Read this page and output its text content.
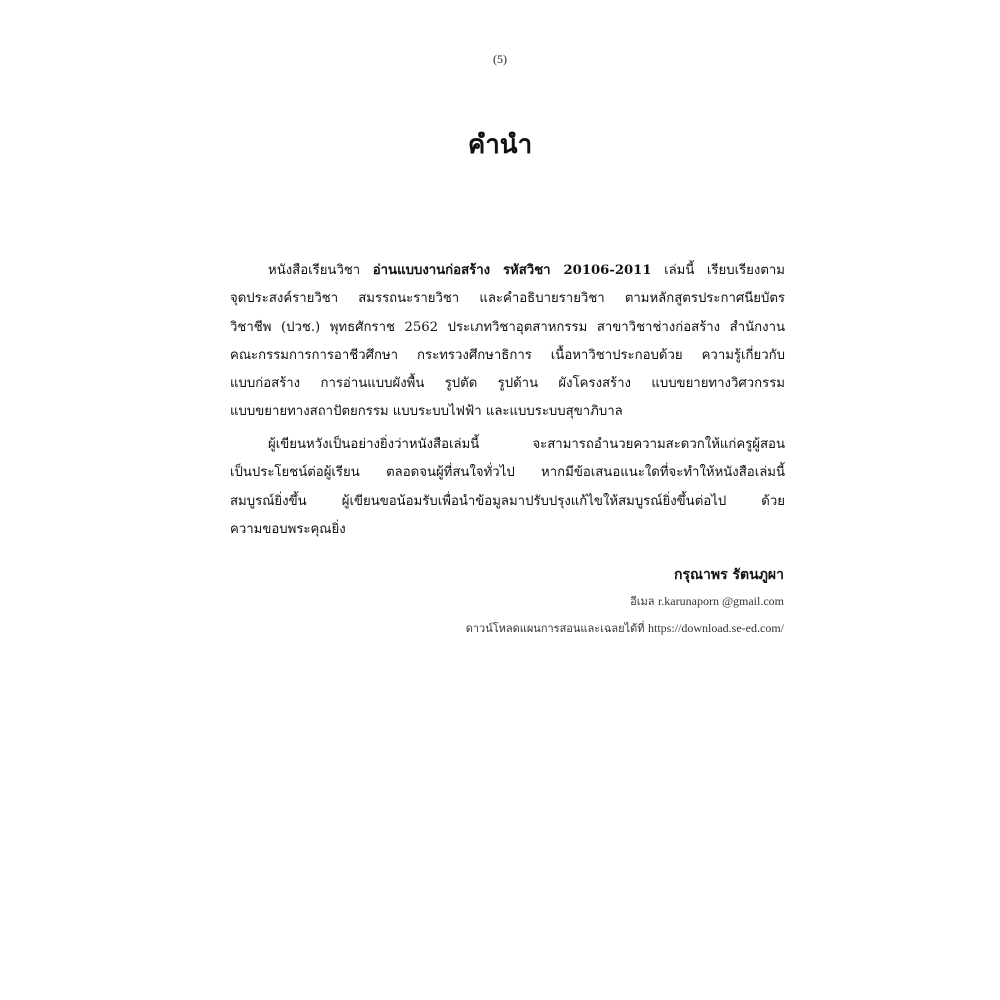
(5)
คำนำ
หนังสือเรียนวิชา อ่านแบบงานก่อสร้าง รหัสวิชา 20106-2011 เล่มนี้ เรียบเรียงตาม
จุดประสงค์รายวิชา สมรรถนะรายวิชา และคำอธิบายรายวิชา ตามหลักสูตรประกาศนียบัตร
วิชาชีพ (ปวช.) พุทธศักราช 2562 ประเภทวิชาอุตสาหกรรม สาขาวิชาช่างก่อสร้าง สำนักงาน
คณะกรรมการการอาชีวศึกษา กระทรวงศึกษาธิการ เนื้อหาวิชาประกอบด้วย ความรู้เกี่ยวกับ
แบบก่อสร้าง การอ่านแบบผังพื้น รูปตัด รูปด้าน ผังโครงสร้าง แบบขยายทางวิศวกรรม
แบบขยายทางสถาปัตยกรรม แบบระบบไฟฟ้า และแบบระบบสุขาภิบาล
ผู้เขียนหวังเป็นอย่างยิ่งว่าหนังสือเล่มนี้ จะสามารถอำนวยความสะดวกให้แก่ครูผู้สอน
เป็นประโยชน์ต่อผู้เรียน ตลอดจนผู้ที่สนใจทั่วไป หากมีข้อเสนอแนะใดที่จะทำให้หนังสือเล่มนี้
สมบูรณ์ยิ่งขึ้น ผู้เขียนขอน้อมรับเพื่อนำข้อมูลมาปรับปรุงแก้ไขให้สมบูรณ์ยิ่งขึ้นต่อไป ด้วย
ความขอบพระคุณยิ่ง
กรุณาพร รัตนภูผา
อีเมล r.karunaporn @gmail.com
ดาวน์โหลดแผนการสอนและเฉลยได้ที่ https://download.se-ed.com/
